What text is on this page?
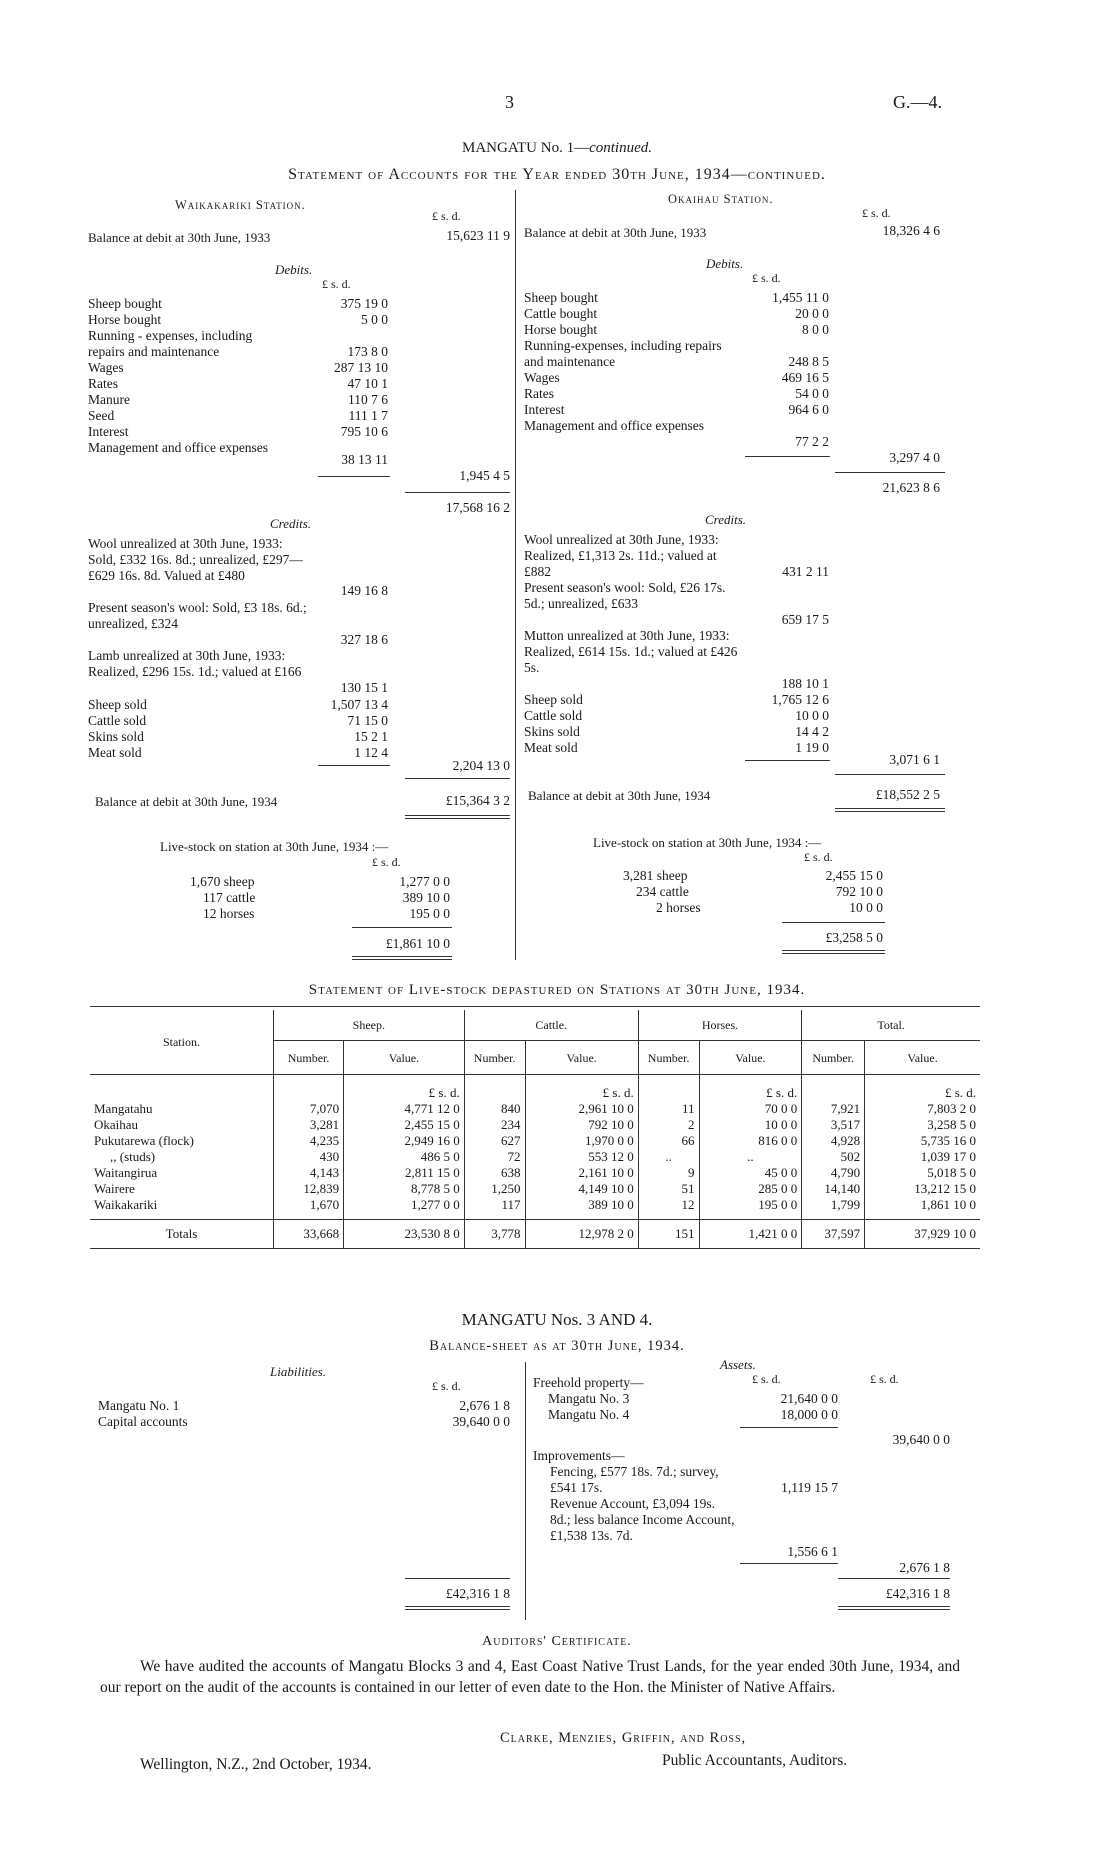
3	G.—4.
MANGATU No. 1—continued.
Statement of Accounts for the Year ended 30th June, 1934—continued.
Waikakariki Station.
£ s. d.
Balance at debit at 30th June, 1933	15,623 11 9
Debits.
£ s. d.
Sheep bought	375 19 0
Horse bought	5 0 0
Running - expenses, including repairs and maintenance	173 8 0
Wages	287 13 10
Rates	47 10 1
Manure	110 7 6
Seed	111 1 7
Interest	795 10 6
Management and office expenses
38 13 11
1,945 4 5
17,568 16 2
Credits.
Wool unrealized at 30th June, 1933: Sold, £332 16s. 8d.; unrealized, £297—£629 16s. 8d. Valued at £480
149 16 8
Present season's wool: Sold, £3 18s. 6d.; unrealized, £324
327 18 6
Lamb unrealized at 30th June, 1933: Realized, £296 15s. 1d.; valued at £166
130 15 1
Sheep sold	1,507 13 4
Cattle sold	71 15 0
Skins sold	15 2 1
Meat sold	1 12 4
2,204 13 0
Balance at debit at 30th June, 1934	£15,364 3 2
Live-stock on station at 30th June, 1934 :—
£ s. d.
1,670 sheep	1,277 0 0
117 cattle	389 10 0
12 horses	195 0 0
£1,861 10 0
Okaihau Station.
£ s. d.
Balance at debit at 30th June, 1933	18,326 4 6
Debits.
£ s. d.
Sheep bought	1,455 11 0
Cattle bought	20 0 0
Horse bought	8 0 0
Running-expenses, including repairs and maintenance	248 8 5
Wages	469 16 5
Rates	54 0 0
Interest	964 6 0
Management and office expenses
77 2 2
3,297 4 0
21,623 8 6
Credits.
Wool unrealized at 30th June, 1933: Realized, £1,313 2s. 11d.; valued at £882	431 2 11
Present season's wool: Sold, £26 17s. 5d.; unrealized, £633
659 17 5
Mutton unrealized at 30th June, 1933: Realized, £614 15s. 1d.; valued at £426 5s.
188 10 1
Sheep sold	1,765 12 6
Cattle sold	10 0 0
Skins sold	14 4 2
Meat sold	1 19 0
3,071 6 1
Balance at debit at 30th June, 1934	£18,552 2 5
Live-stock on station at 30th June, 1934 :—
£ s. d.
3,281 sheep	2,455 15 0
234 cattle	792 10 0
2 horses	10 0 0
£3,258 5 0
Statement of Live-stock depastured on Stations at 30th June, 1934.
Station.	Sheep.		Cattle.		Horses.		Total.	
	Number.	Value.	Number.	Value.	Number.	Value.	Number.	Value.
		£ s. d.		£ s. d.		£ s. d.		£ s. d.
Mangatahu	7,070	4,771 12 0	840	2,961 10 0	11	70 0 0	7,921	7,803 2 0
Okaihau	3,281	2,455 15 0	234	792 10 0	2	10 0 0	3,517	3,258 5 0
Pukutarewa (flock)	4,235	2,949 16 0	627	1,970 0 0	66	816 0 0	4,928	5,735 16 0
,, (studs)	430	486 5 0	72	553 12 0	..	..	502	1,039 17 0
Waitangirua	4,143	2,811 15 0	638	2,161 10 0	9	45 0 0	4,790	5,018 5 0
Wairere	12,839	8,778 5 0	1,250	4,149 10 0	51	285 0 0	14,140	13,212 15 0
Waikakariki	1,670	1,277 0 0	117	389 10 0	12	195 0 0	1,799	1,861 10 0
Totals	33,668	23,530 8 0	3,778	12,978 2 0	151	1,421 0 0	37,597	37,929 10 0
MANGATU Nos. 3 AND 4.
Balance-sheet as at 30th June, 1934.
Liabilities.
£ s. d.
Mangatu No. 1	2,676 1 8
Capital accounts	39,640 0 0
£42,316 1 8
Assets.
£ s. d.	£ s. d.
Freehold property—
Mangatu No. 3	21,640 0 0
Mangatu No. 4	18,000 0 0
39,640 0 0
Improvements—
Fencing, £577 18s. 7d.; survey, £541 17s.	1,119 15 7
Revenue Account, £3,094 19s. 8d.; less balance Income Account, £1,538 13s. 7d.
1,556 6 1
2,676 1 8
£42,316 1 8
Auditors' Certificate.
We have audited the accounts of Mangatu Blocks 3 and 4, East Coast Native Trust Lands, for the year ended 30th June, 1934, and our report on the audit of the accounts is contained in our letter of even date to the Hon. the Minister of Native Affairs.
Clarke, Menzies, Griffin, and Ross,
Public Accountants, Auditors.
Wellington, N.Z., 2nd October, 1934.
